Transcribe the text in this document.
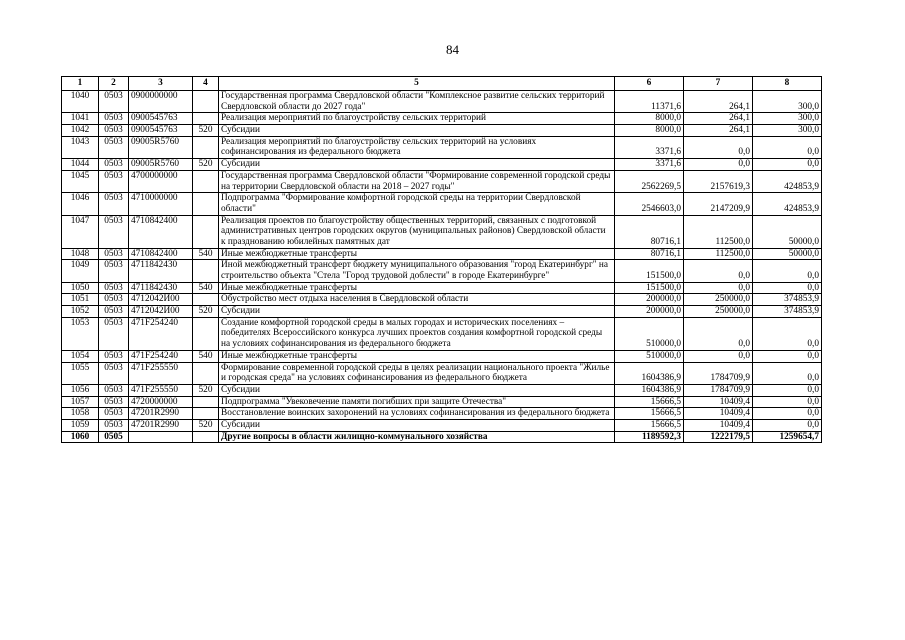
84
1	2	3	4	5	6	7	8
1040	0503	0900000000		Государственная программа Свердловской области "Комплексное развитие сельских территорий Свердловской области до 2027 года"	11371,6	264,1	300,0
1041	0503	0900545763		Реализация мероприятий по благоустройству сельских территорий	8000,0	264,1	300,0
1042	0503	0900545763	520	Субсидии	8000,0	264,1	300,0
1043	0503	09005R5760		Реализация мероприятий по благоустройству сельских территорий на условиях софинансирования из федерального бюджета	3371,6	0,0	0,0
1044	0503	09005R5760	520	Субсидии	3371,6	0,0	0,0
1045	0503	4700000000		Государственная программа Свердловской области "Формирование современной городской среды на территории Свердловской области на 2018 – 2027 годы"	2562269,5	2157619,3	424853,9
1046	0503	4710000000		Подпрограмма "Формирование комфортной городской среды на территории Свердловской области"	2546603,0	2147209,9	424853,9
1047	0503	4710842400		Реализация проектов по благоустройству общественных территорий, связанных с подготовкой административных центров городских округов (муниципальных районов) Свердловской области к празднованию юбилейных памятных дат	80716,1	112500,0	50000,0
1048	0503	4710842400	540	Иные межбюджетные трансферты	80716,1	112500,0	50000,0
1049	0503	4711842430		Иной межбюджетный трансферт бюджету муниципального образования "город Екатеринбург" на строительство объекта "Стела "Город трудовой доблести" в городе Екатеринбурге"	151500,0	0,0	0,0
1050	0503	4711842430	540	Иные межбюджетные трансферты	151500,0	0,0	0,0
1051	0503	4712042И00		Обустройство мест отдыха населения в Свердловской области	200000,0	250000,0	374853,9
1052	0503	4712042И00	520	Субсидии	200000,0	250000,0	374853,9
1053	0503	471F254240		Создание комфортной городской среды в малых городах и исторических поселениях – победителях Всероссийского конкурса лучших проектов создания комфортной городской среды на условиях софинансирования из федерального бюджета	510000,0	0,0	0,0
1054	0503	471F254240	540	Иные межбюджетные трансферты	510000,0	0,0	0,0
1055	0503	471F255550		Формирование современной городской среды в целях реализации национального проекта "Жилье и городская среда" на условиях софинансирования из федерального бюджета	1604386,9	1784709,9	0,0
1056	0503	471F255550	520	Субсидии	1604386,9	1784709,9	0,0
1057	0503	4720000000		Подпрограмма "Увековечение памяти погибших при защите Отечества"	15666,5	10409,4	0,0
1058	0503	47201R2990		Восстановление воинских захоронений на условиях софинансирования из федерального бюджета	15666,5	10409,4	0,0
1059	0503	47201R2990	520	Субсидии	15666,5	10409,4	0,0
1060	0505			Другие вопросы в области жилищно-коммунального хозяйства	1189592,3	1222179,5	1259654,7
